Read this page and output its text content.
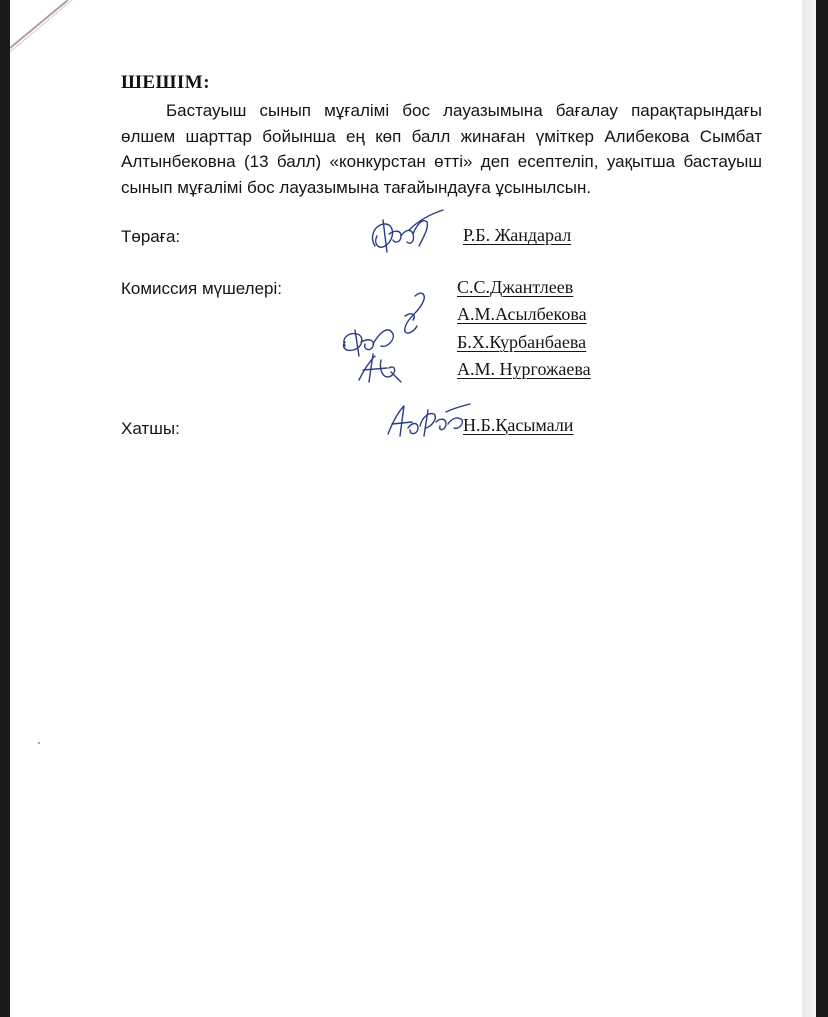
ШЕШІМ:

Бастауыш сынып мұғалімі бос лауазымына бағалау парақтарындағы өлшем шарттар бойынша ең көп балл жинаған үміткер Алибекова Сымбат Алтынбековна (13 балл) «конкурстан өтті» деп есептеліп, уақытша бастауыш сынып мұғалімі бос лауазымына тағайындауға ұсынылсын.

Төраға:	Р.Б. Жандарал

Комиссия мүшелері:	С.С.Джантлеев

А.М.Асылбекова

Б.Х.Курбанбаева

А.М. Нургожаева

Хатшы:	Н.Б.Қасымали
